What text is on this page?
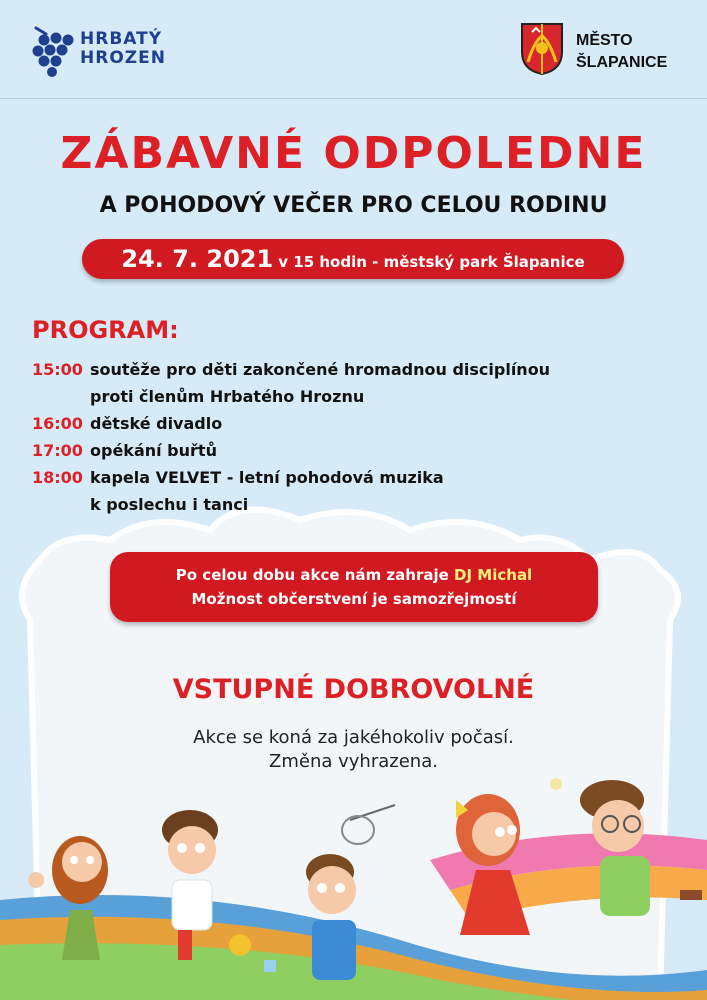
HRBATÝ
HROZEN
MĚSTO
ŠLAPANICE
ZÁBAVNÉ ODPOLEDNE
A POHODOVÝ VEČER PRO CELOU RODINU
24. 7. 2021 v 15 hodin - městský park Šlapanice
PROGRAM:
15:00 soutěže pro děti zakončené hromadnou disciplínou
proti členům Hrbatého Hroznu
16:00 dětské divadlo
17:00 opékání buřtů
18:00 kapela VELVET - letní pohodová muzika
k poslechu i tanci
Po celou dobu akce nám zahraje DJ Michal
Možnost občerstvení je samozřejmostí
VSTUPNÉ DOBROVOLNÉ
Akce se koná za jakéhokoliv počasí.
Změna vyhrazena.
